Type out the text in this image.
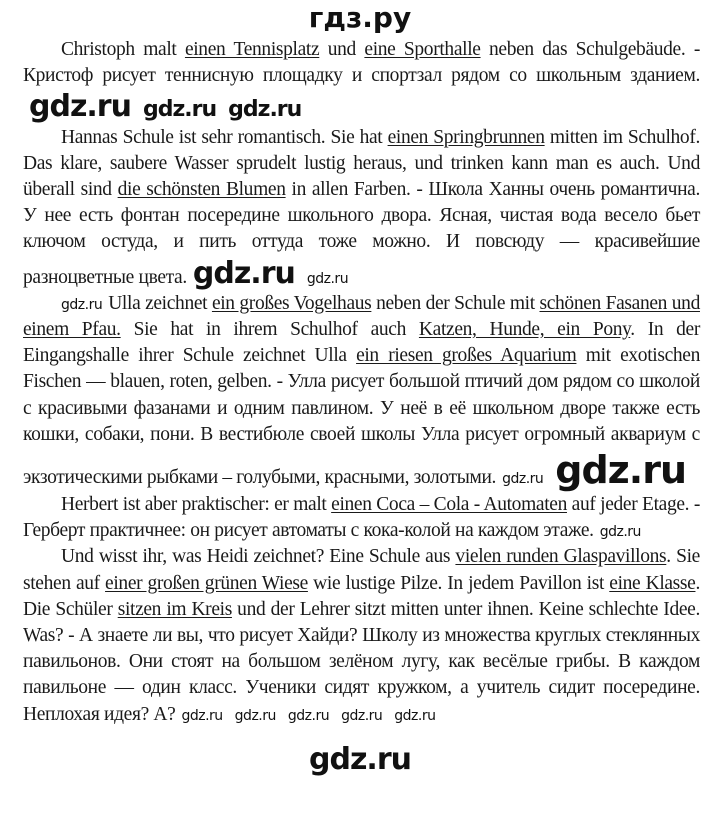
гдз.ру

Christoph malt einen Tennisplatz und eine Sporthalle neben das Schulgebäude. - Кристоф рисует теннисную площадку и спортзал рядом со школьным зданием.gdz.ru gdz.ru gdz.ru

Hannas Schule ist sehr romantisch. Sie hat einen Springbrunnen mitten im Schulhof. Das klare, saubere Wasser sprudelt lustig heraus, und trinken kann man es auch. Und überall sind die schönsten Blumen in allen Farben. - Школа Ханны очень романтична. У нее есть фонтан посередине школьного двора. Ясная, чистая вода весело бьет ключом остуда, и пить оттуда тоже можно. И повсюду — красивейшие разноцветные цвета. gdz.ru gdz.ru

gdz.ru Ulla zeichnet ein großes Vogelhaus neben der Schule mit schönen Fasanen und einem Pfau. Sie hat in ihrem Schulhof auch Katzen, Hunde, ein Pony. In der Eingangshalle ihrer Schule zeichnet Ulla ein riesen großes Aquarium mit exotischen Fischen — blauen, roten, gelben. - Улла рисует большой птичий дом рядом со школой с красивыми фазанами и одним павлином. У неё в её школьном дворе также есть кошки, собаки, пони. В вестибюле своей школы Улла рисует огромный аквариум с экзотическими рыбками – голубыми, красными, золотыми. gdz.ru gdz.ru

Herbert ist aber praktischer: er malt einen Coca – Cola - Automaten auf jeder Etage. - Герберт практичнее: он рисует автоматы с кока-колой на каждом этаже. gdz.ru

Und wisst ihr, was Heidi zeichnet? Eine Schule aus vielen runden Glaspavillons. Sie stehen auf einer großen grünen Wiese wie lustige Pilze. In jedem Pavillon ist eine Klasse. Die Schüler sitzen im Kreis und der Lehrer sitzt mitten unter ihnen. Keine schlechte Idee. Was? - А знаете ли вы, что рисует Хайди? Школу из множества круглых стеклянных павильонов. Они стоят на большом зелёном лугу, как весёлые грибы. В каждом павильоне — один класс. Ученики сидят кружком, а учитель сидит посередине. Неплохая идея? А? gdz.ru gdz.ru gdz.ru gdz.ru gdz.ru

gdz.ru
